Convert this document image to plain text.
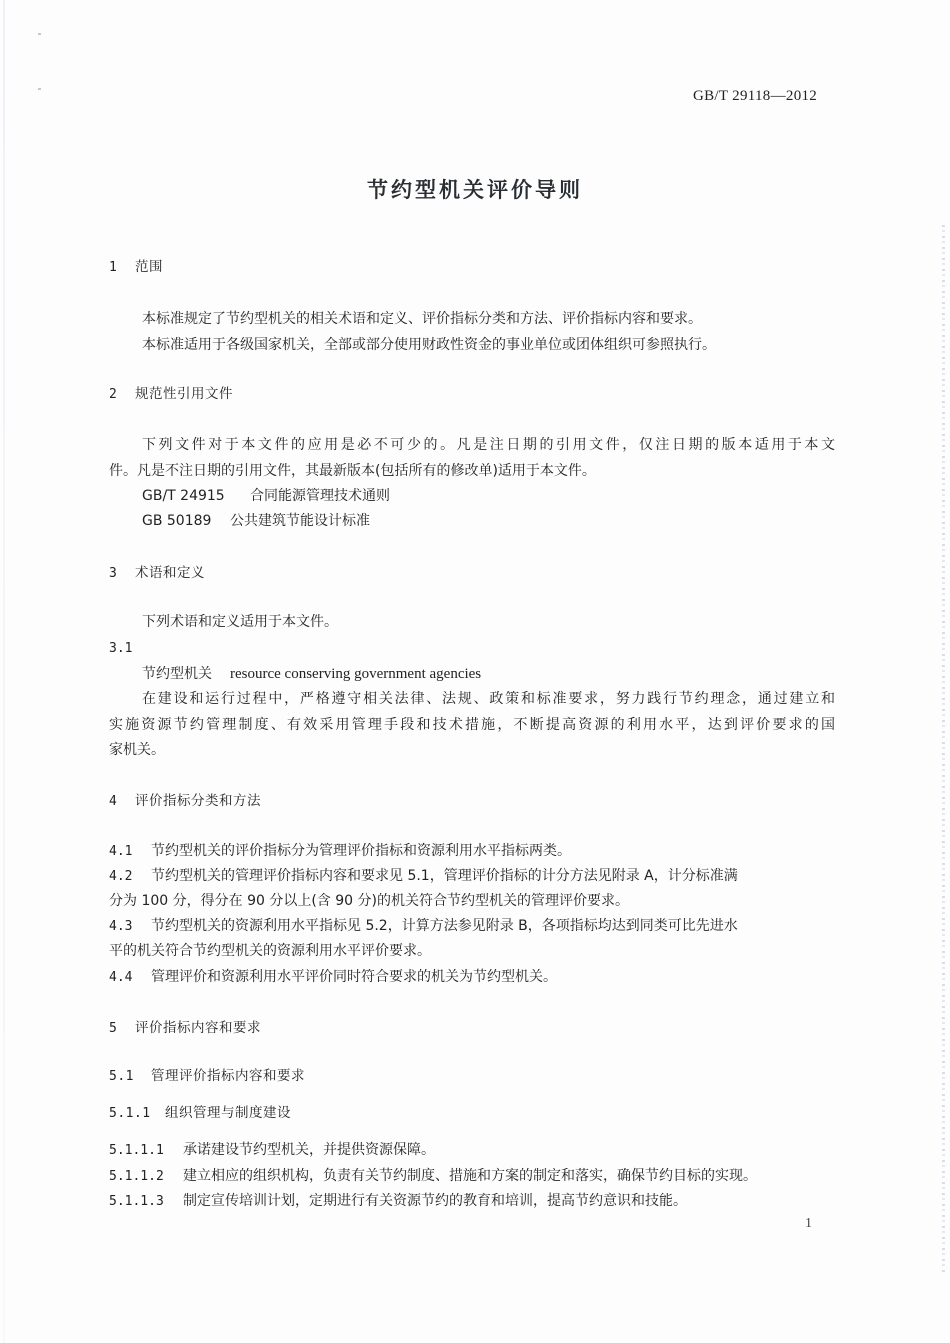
GB/T 29118—2012
节约型机关评价导则
1 范围
本标准规定了节约型机关的相关术语和定义、评价指标分类和方法、评价指标内容和要求。
本标准适用于各级国家机关，全部或部分使用财政性资金的事业单位或团体组织可参照执行。
2 规范性引用文件
下列文件对于本文件的应用是必不可少的。凡是注日期的引用文件，仅注日期的版本适用于本文
件。凡是不注日期的引用文件，其最新版本(包括所有的修改单)适用于本文件。
GB/T 24915 合同能源管理技术通则
GB 50189 公共建筑节能设计标准
3 术语和定义
下列术语和定义适用于本文件。
3.1
节约型机关 resource conserving government agencies
在建设和运行过程中，严格遵守相关法律、法规、政策和标准要求，努力践行节约理念，通过建立和
实施资源节约管理制度、有效采用管理手段和技术措施，不断提高资源的利用水平，达到评价要求的国
家机关。
4 评价指标分类和方法
4.1 节约型机关的评价指标分为管理评价指标和资源利用水平指标两类。
4.2 节约型机关的管理评价指标内容和要求见 5.1，管理评价指标的计分方法见附录 A，计分标准满
分为 100 分，得分在 90 分以上(含 90 分)的机关符合节约型机关的管理评价要求。
4.3 节约型机关的资源利用水平指标见 5.2，计算方法参见附录 B，各项指标均达到同类可比先进水
平的机关符合节约型机关的资源利用水平评价要求。
4.4 管理评价和资源利用水平评价同时符合要求的机关为节约型机关。
5 评价指标内容和要求
5.1 管理评价指标内容和要求
5.1.1 组织管理与制度建设
5.1.1.1 承诺建设节约型机关，并提供资源保障。
5.1.1.2 建立相应的组织机构，负责有关节约制度、措施和方案的制定和落实，确保节约目标的实现。
5.1.1.3 制定宣传培训计划，定期进行有关资源节约的教育和培训，提高节约意识和技能。
1
